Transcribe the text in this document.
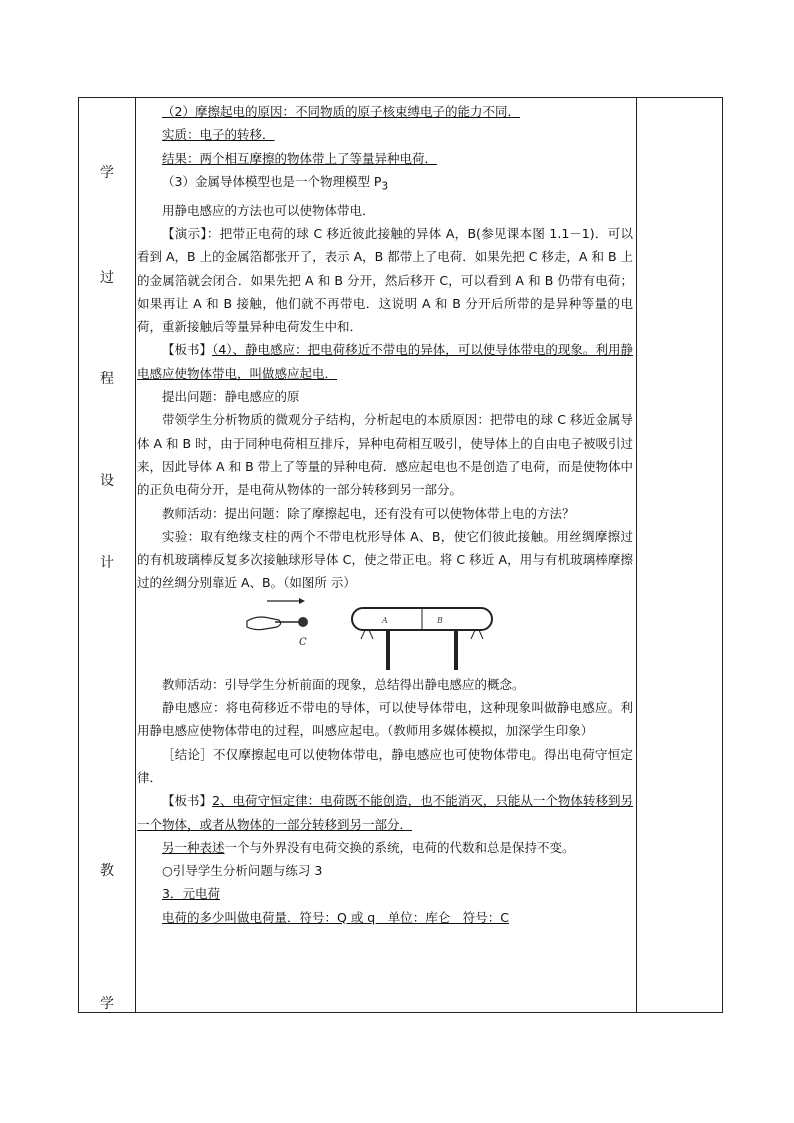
学
过
程
设
计
教
学

（2）摩擦起电的原因：不同物质的原子核束缚电子的能力不同．

实质：电子的转移．

结果：两个相互摩擦的物体带上了等量异种电荷．

（3）金属导体模型也是一个物理模型 $P_3$

用静电感应的方法也可以使物体带电．

【演示】：把带正电荷的球 C 移近彼此接触的异体 A，B(参见课本图 1.1－1)．可以看到 A，B 上的金属箔都张开了，表示 A，B 都带上了电荷．如果先把 C 移走，A 和 B 上的金属箔就会闭合．如果先把 A 和 B 分开，然后移开 C，可以看到 A 和 B 仍带有电荷；如果再让 A 和 B 接触，他们就不再带电．这说明 A 和 B 分开后所带的是异种等量的电荷，重新接触后等量异种电荷发生中和．

【板书】（4）、静电感应：把电荷移近不带电的异体，可以使导体带电的现象。利用静电感应使物体带电，叫做感应起电．

提出问题：静电感应的原

带领学生分析物质的微观分子结构，分析起电的本质原因：把带电的球 C 移近金属导体 A 和 B 时，由于同种电荷相互排斥，异种电荷相互吸引，使导体上的自由电子被吸引过来，因此导体 A 和 B 带上了等量的异种电荷．感应起电也不是创造了电荷，而是使物体中的正负电荷分开，是电荷从物体的一部分转移到另一部分。

教师活动：提出问题：除了摩擦起电，还有没有可以使物体带上电的方法？

实验：取有绝缘支柱的两个不带电枕形导体 A、B，使它们彼此接触。用丝绸摩擦过的有机玻璃棒反复多次接触球形导体 C，使之带正电。将 C 移近 A，用与有机玻璃棒摩擦过的丝绸分别靠近 A、B。（如图所 示）

C
A	B

教师活动：引导学生分析前面的现象，总结得出静电感应的概念。

静电感应：将电荷移近不带电的导体，可以使导体带电，这种现象叫做静电感应。利用静电感应使物体带电的过程，叫感应起电。（教师用多媒体模拟，加深学生印象）

［结论］不仅摩擦起电可以使物体带电，静电感应也可使物体带电。得出电荷守恒定律．

【板书】2、电荷守恒定律：电荷既不能创造，也不能消灭，只能从一个物体转移到另一个物体，或者从物体的一部分转移到另一部分．

另一种表述一个与外界没有电荷交换的系统，电荷的代数和总是保持不变。

○引导学生分析问题与练习 3

3．元电荷

电荷的多少叫做电荷量．符号：Q 或 q　单位：库仑　符号：C
